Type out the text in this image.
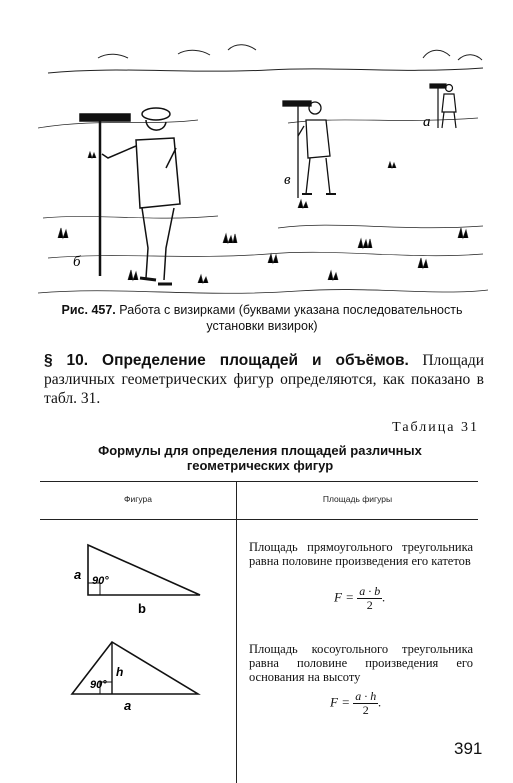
б
в
а
Рис. 457. Работа с визирками (буквами указана последовательность установки визирок)
§ 10. Определение площадей и объёмов. Площади различных геометрических фигур определяются, как показано в табл. 31.
Таблица 31
Формулы для определения площадей различных
геометрических фигур
Фигура	Площадь фигуры
a 90°
b
Площадь прямоугольного треугольника равна половине произведения его катетов
$F = \frac{a \cdot b}{2}$ .
h
90°
a
Площадь косоугольного треугольника равна половине произведения его основания на высоту
$F = \frac{a \cdot h}{2}$ .
391
